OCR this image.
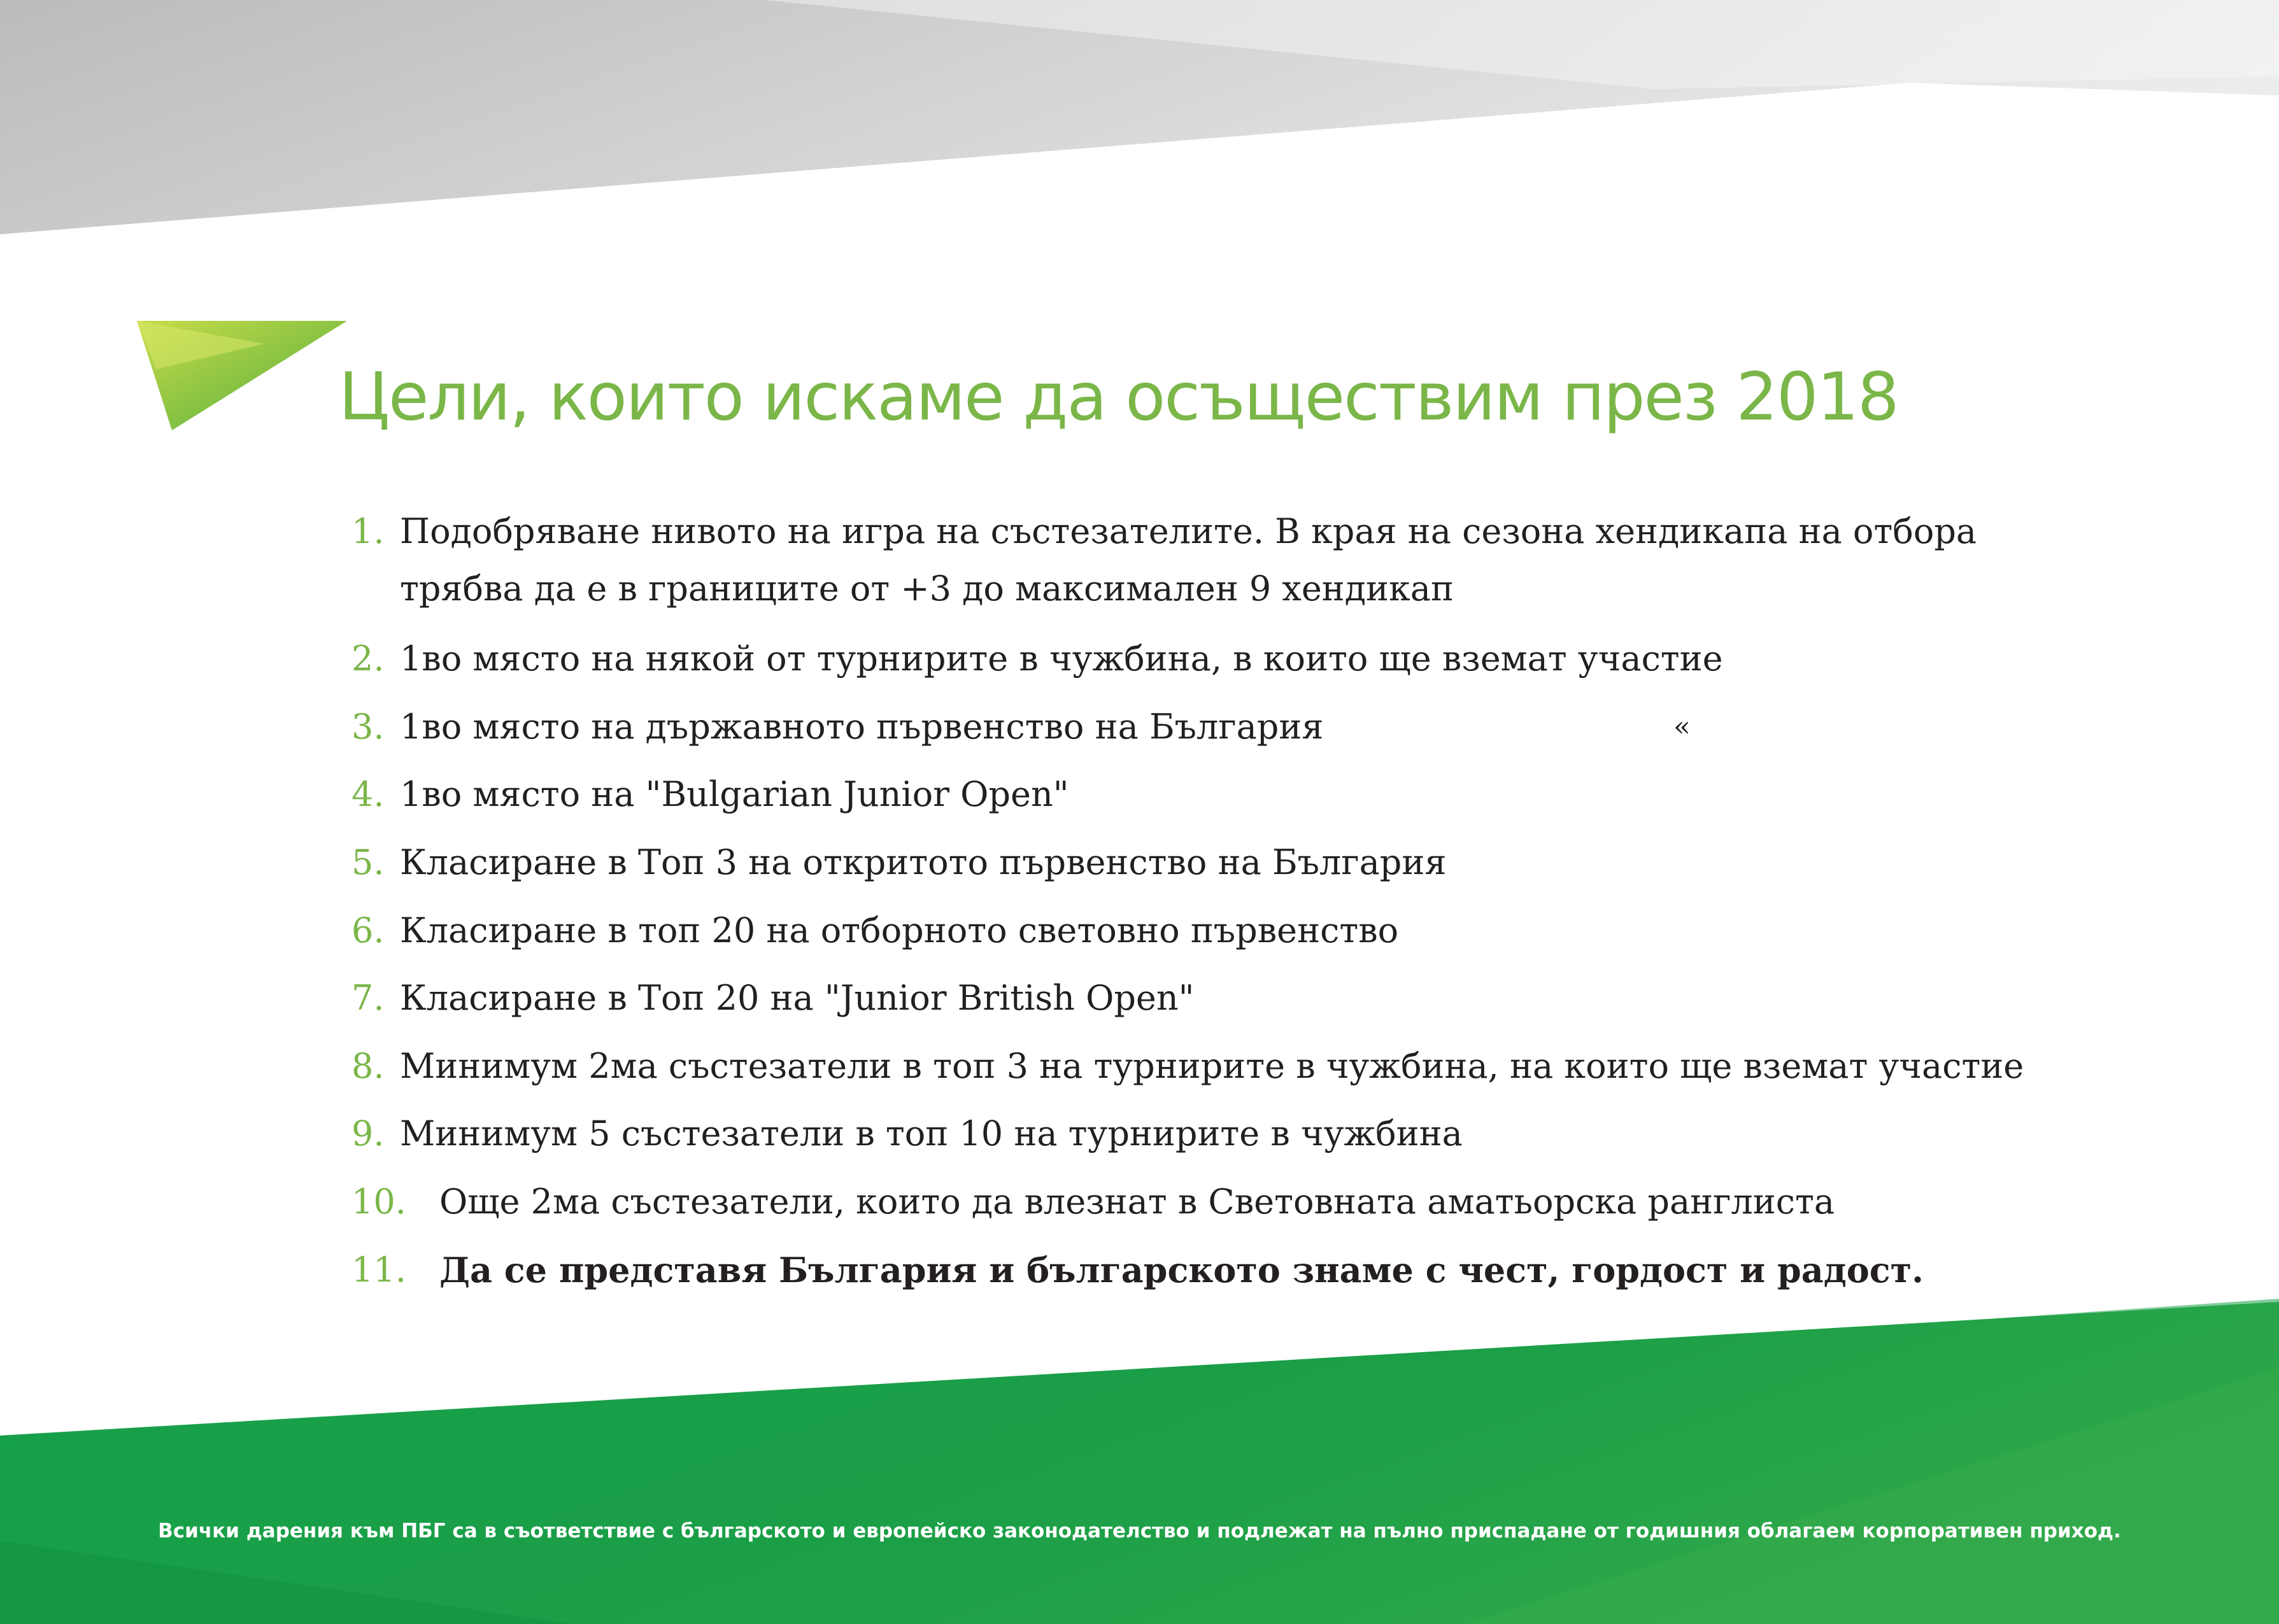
Цели, които искаме да осъществим през 2018
1. Подобряване нивото на игра на състезателите. В края на сезона хендикапа на отбора
трябва да е в границите от +3 до максимален 9 хендикап
2. 1во място на някой от турнирите в чужбина, в които ще вземат участие
3. 1во място на държавното първенство на България
4. 1во място на "Bulgarian Junior Open"
5. Класиране в Топ 3 на откритото първенство на България
6. Класиране в топ 20 на отборното световно първенство
7. Класиране в Топ 20 на "Junior British Open"
8. Минимум 2ма състезатели в топ 3 на турнирите в чужбина, на които ще вземат участие
9. Минимум 5 състезатели в топ 10 на турнирите в чужбина
10. Още 2ма състезатели, които да влезнат в Световната аматьорска ранглиста
11. Да се представя България и българското знаме с чест, гордост и радост.
«
Всички дарения към ПБГ са в съответствие с българското и европейско законодателство и подлежат на пълно приспадане от годишния облагаем корпоративен приход.
